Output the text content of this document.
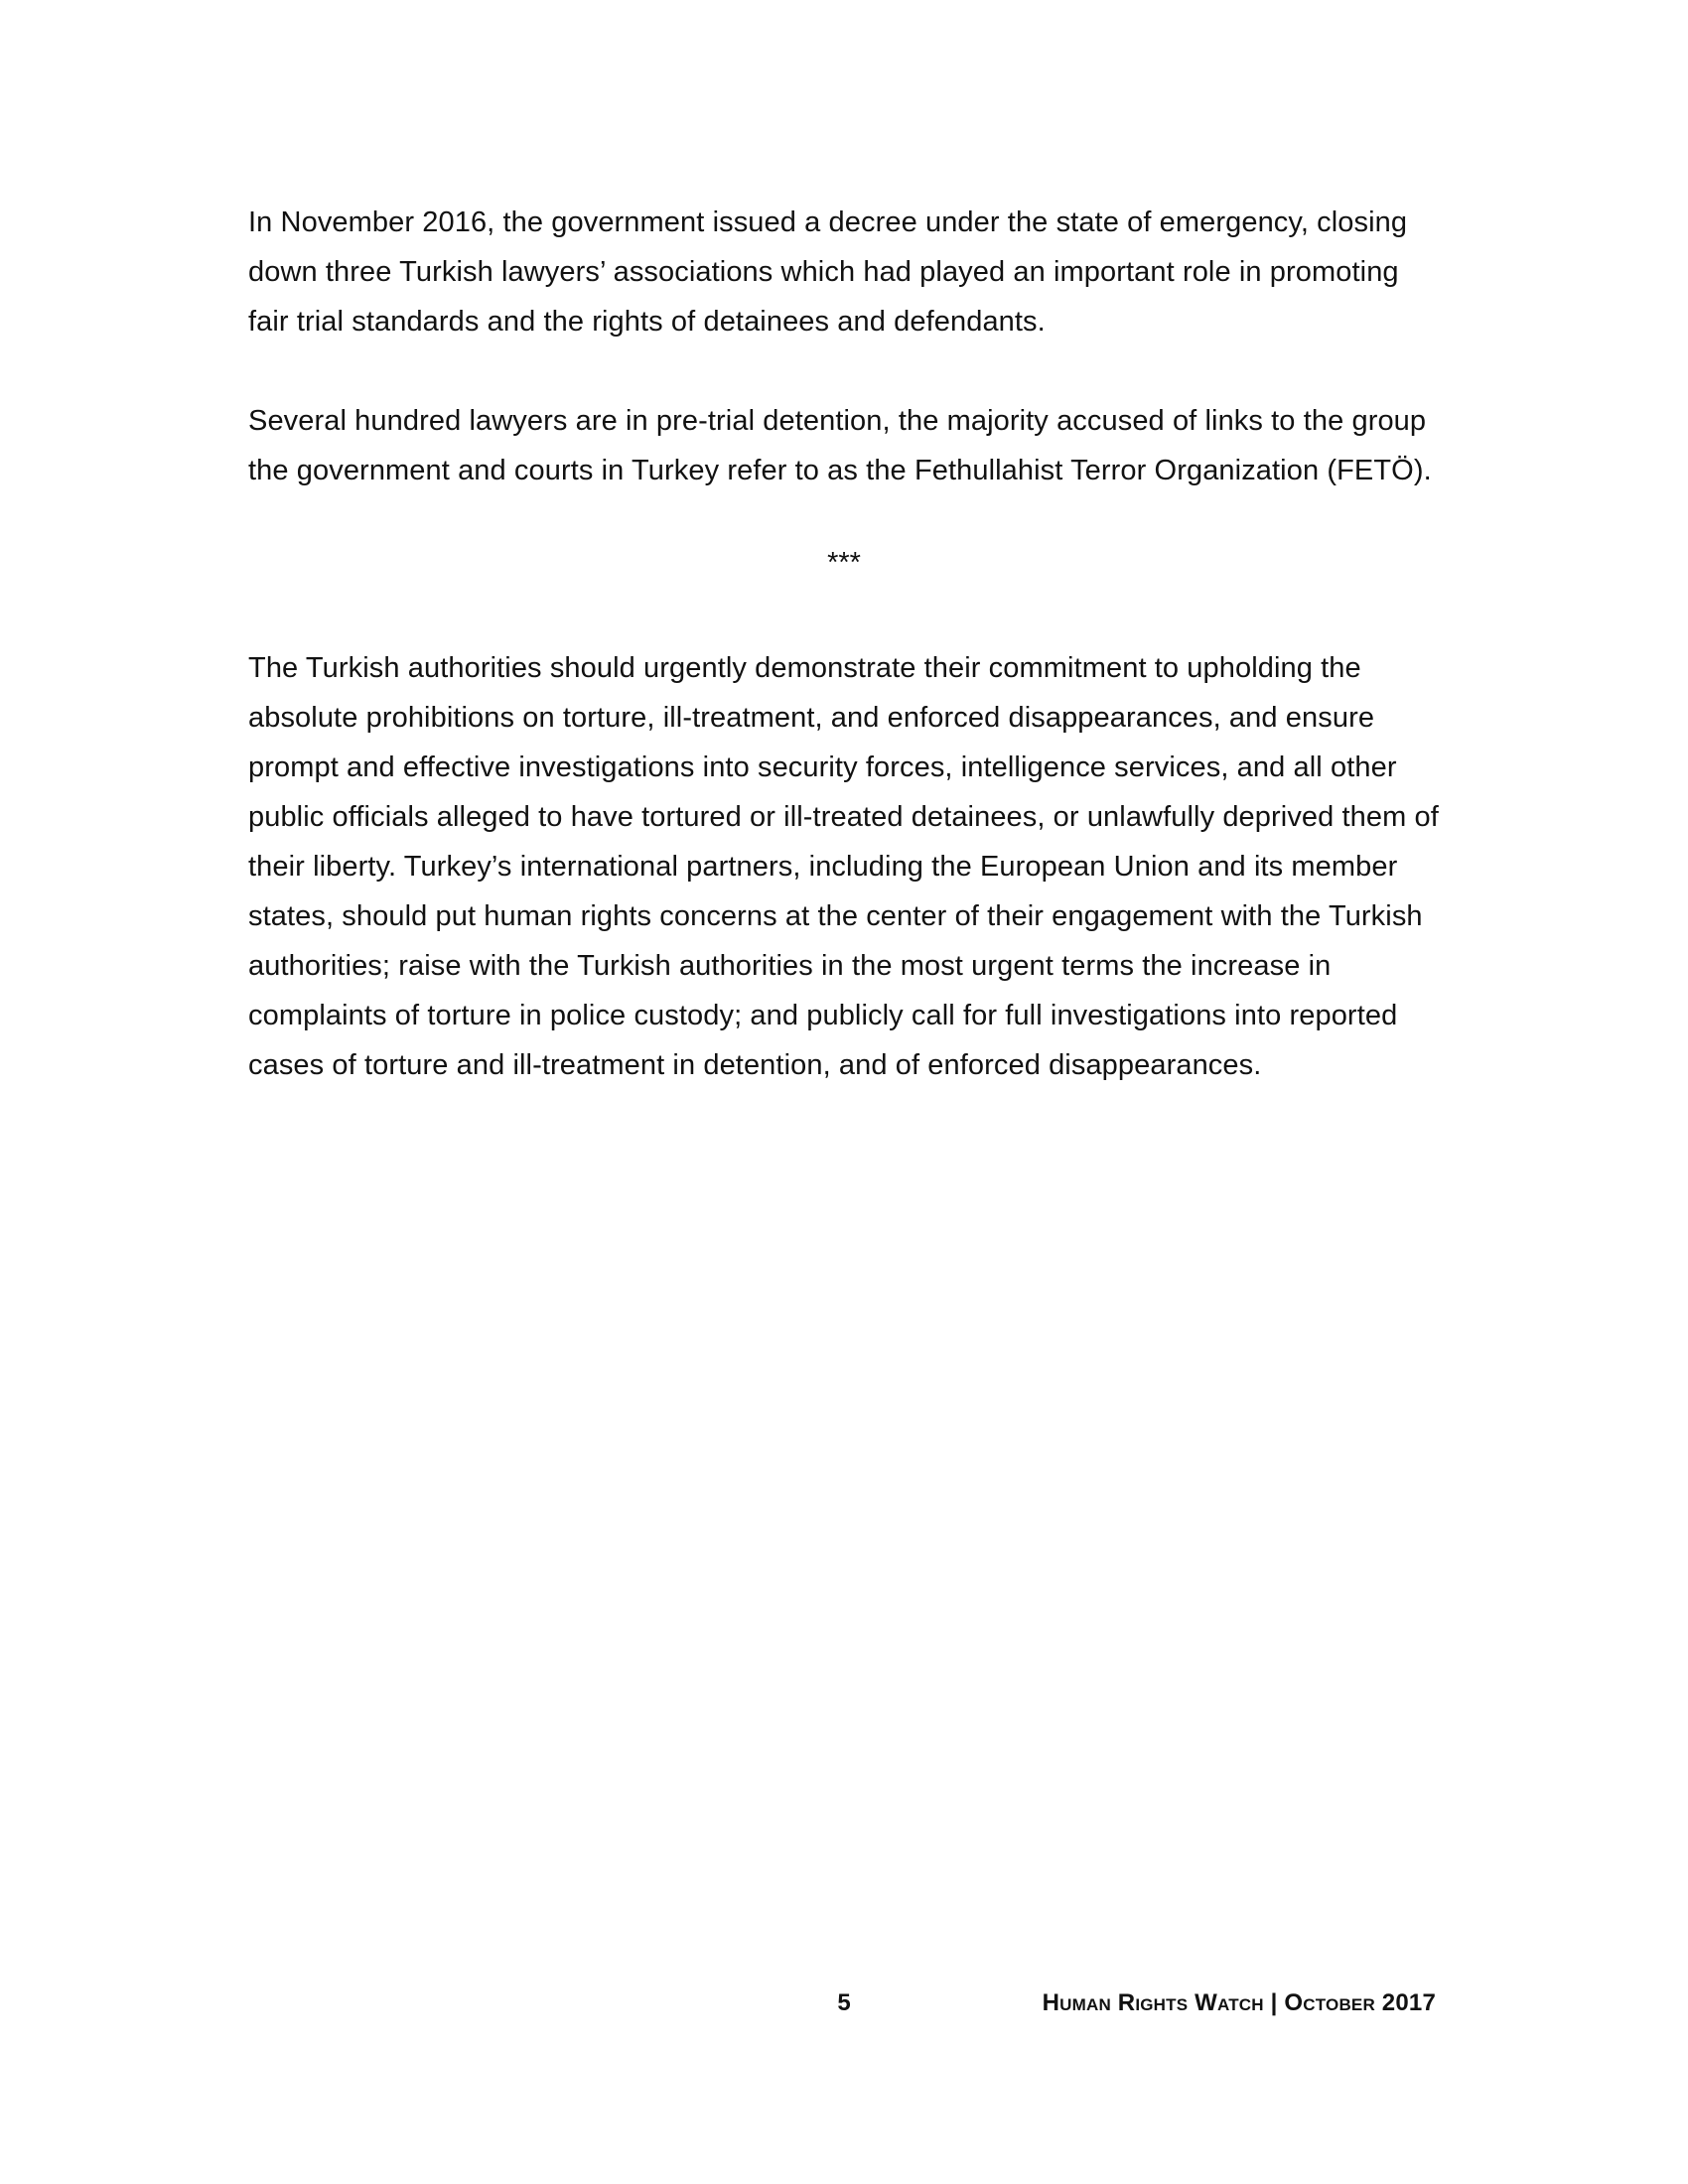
In November 2016, the government issued a decree under the state of emergency, closing down three Turkish lawyers’ associations which had played an important role in promoting fair trial standards and the rights of detainees and defendants.

Several hundred lawyers are in pre-trial detention, the majority accused of links to the group the government and courts in Turkey refer to as the Fethullahist Terror Organization (FETÖ).

***

The Turkish authorities should urgently demonstrate their commitment to upholding the absolute prohibitions on torture, ill-treatment, and enforced disappearances, and ensure prompt and effective investigations into security forces, intelligence services, and all other public officials alleged to have tortured or ill-treated detainees, or unlawfully deprived them of their liberty. Turkey’s international partners, including the European Union and its member states, should put human rights concerns at the center of their engagement with the Turkish authorities; raise with the Turkish authorities in the most urgent terms the increase in complaints of torture in police custody; and publicly call for full investigations into reported cases of torture and ill-treatment in detention, and of enforced disappearances.

5	Human Rights Watch | October 2017
